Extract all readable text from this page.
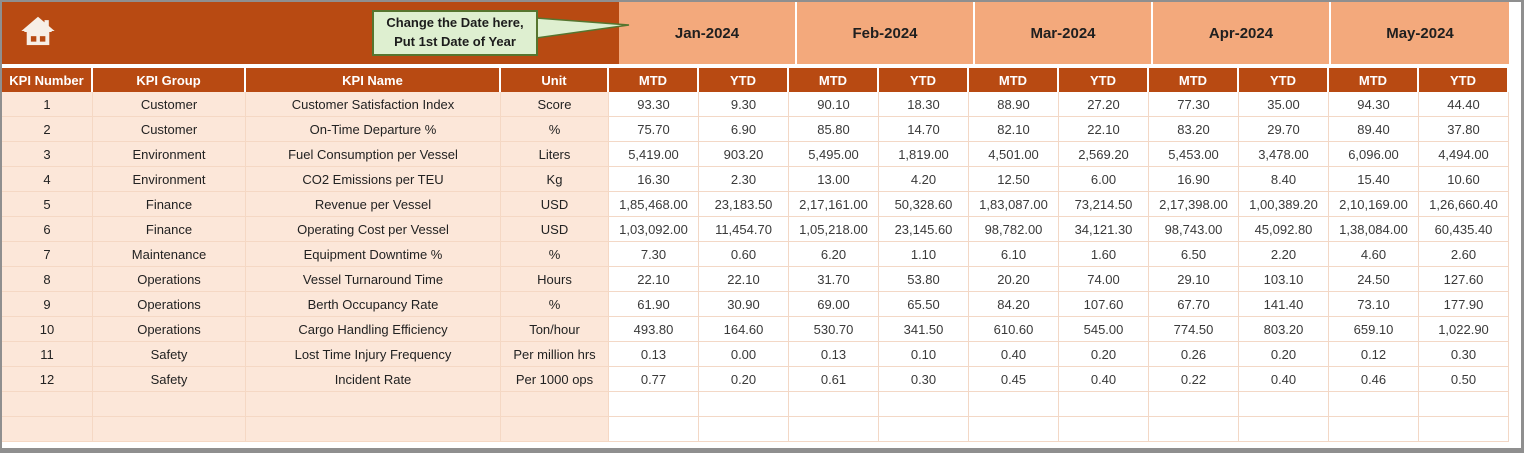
Change the Date here,
Put 1st Date of Year	Jan-2024	Feb-2024	Mar-2024	Apr-2024	May-2024
KPI Number	KPI Group	KPI Name	Unit	MTD	YTD	MTD	YTD	MTD	YTD	MTD	YTD	MTD	YTD
1	Customer	Customer Satisfaction Index	Score	93.30	9.30	90.10	18.30	88.90	27.20	77.30	35.00	94.30	44.40
2	Customer	On-Time Departure %	%	75.70	6.90	85.80	14.70	82.10	22.10	83.20	29.70	89.40	37.80
3	Environment	Fuel Consumption per Vessel	Liters	5,419.00	903.20	5,495.00	1,819.00	4,501.00	2,569.20	5,453.00	3,478.00	6,096.00	4,494.00
4	Environment	CO2 Emissions per TEU	Kg	16.30	2.30	13.00	4.20	12.50	6.00	16.90	8.40	15.40	10.60
5	Finance	Revenue per Vessel	USD	1,85,468.00	23,183.50	2,17,161.00	50,328.60	1,83,087.00	73,214.50	2,17,398.00	1,00,389.20	2,10,169.00	1,26,660.40
6	Finance	Operating Cost per Vessel	USD	1,03,092.00	11,454.70	1,05,218.00	23,145.60	98,782.00	34,121.30	98,743.00	45,092.80	1,38,084.00	60,435.40
7	Maintenance	Equipment Downtime %	%	7.30	0.60	6.20	1.10	6.10	1.60	6.50	2.20	4.60	2.60
8	Operations	Vessel Turnaround Time	Hours	22.10	22.10	31.70	53.80	20.20	74.00	29.10	103.10	24.50	127.60
9	Operations	Berth Occupancy Rate	%	61.90	30.90	69.00	65.50	84.20	107.60	67.70	141.40	73.10	177.90
10	Operations	Cargo Handling Efficiency	Ton/hour	493.80	164.60	530.70	341.50	610.60	545.00	774.50	803.20	659.10	1,022.90
11	Safety	Lost Time Injury Frequency	Per million hrs	0.13	0.00	0.13	0.10	0.40	0.20	0.26	0.20	0.12	0.30
12	Safety	Incident Rate	Per 1000 ops	0.77	0.20	0.61	0.30	0.45	0.40	0.22	0.40	0.46	0.50
